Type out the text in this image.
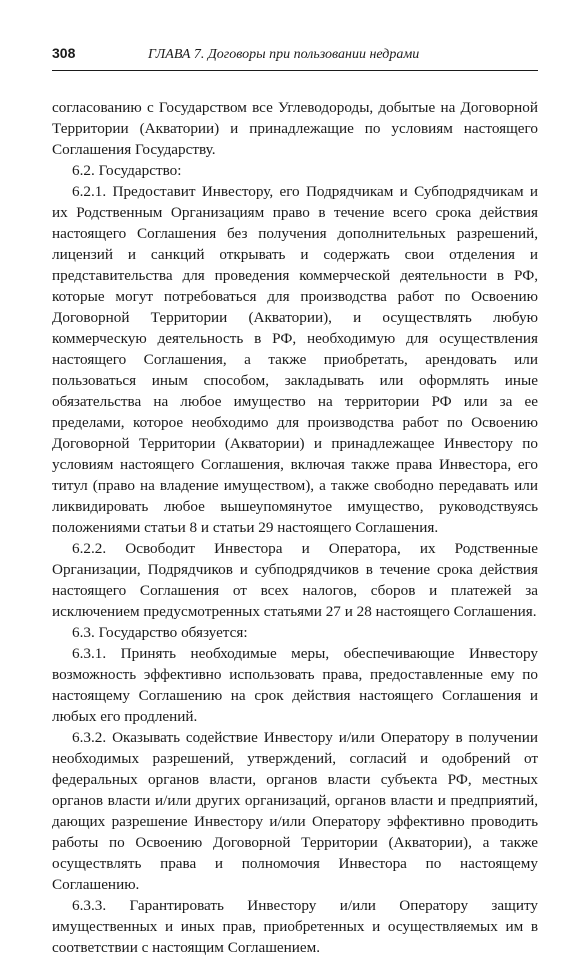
308	ГЛАВА 7. Договоры при пользовании недрами

согласованию с Государством все Углеводороды, добытые на Договорной Территории (Акватории) и принадлежащие по условиям настоящего Соглашения Государству.

6.2. Государство:

6.2.1. Предоставит Инвестору, его Подрядчикам и Субподрядчикам и их Родственным Организациям право в течение всего срока действия настоящего Соглашения без получения дополнительных разрешений, лицензий и санкций открывать и содержать свои отделения и представительства для проведения коммерческой деятельности в РФ, которые могут потребоваться для производства работ по Освоению Договорной Территории (Акватории), и осуществлять любую коммерческую деятельность в РФ, необходимую для осуществления настоящего Соглашения, а также приобретать, арендовать или пользоваться иным способом, закладывать или оформлять иные обязательства на любое имущество на территории РФ или за ее пределами, которое необходимо для производства работ по Освоению Договорной Территории (Акватории) и принадлежащее Инвестору по условиям настоящего Соглашения, включая также права Инвестора, его титул (право на владение имуществом), а также свободно передавать или ликвидировать любое вышеупомянутое имущество, руководствуясь положениями статьи 8 и статьи 29 настоящего Соглашения.

6.2.2. Освободит Инвестора и Оператора, их Родственные Организации, Подрядчиков и субподрядчиков в течение срока действия настоящего Соглашения от всех налогов, сборов и платежей за исключением предусмотренных статьями 27 и 28 настоящего Соглашения.

6.3. Государство обязуется:

6.3.1. Принять необходимые меры, обеспечивающие Инвестору возможность эффективно использовать права, предоставленные ему по настоящему Соглашению на срок действия настоящего Соглашения и любых его продлений.

6.3.2. Оказывать содействие Инвестору и/или Оператору в получении необходимых разрешений, утверждений, согласий и одобрений от федеральных органов власти, органов власти субъекта РФ, местных органов власти и/или других организаций, органов власти и предприятий, дающих разрешение Инвестору и/или Оператору эффективно проводить работы по Освоению Договорной Территории (Акватории), а также осуществлять права и полномочия Инвестора по настоящему Соглашению.

6.3.3. Гарантировать Инвестору и/или Оператору защиту имущественных и иных прав, приобретенных и осуществляемых им в соответствии с настоящим Соглашением.
